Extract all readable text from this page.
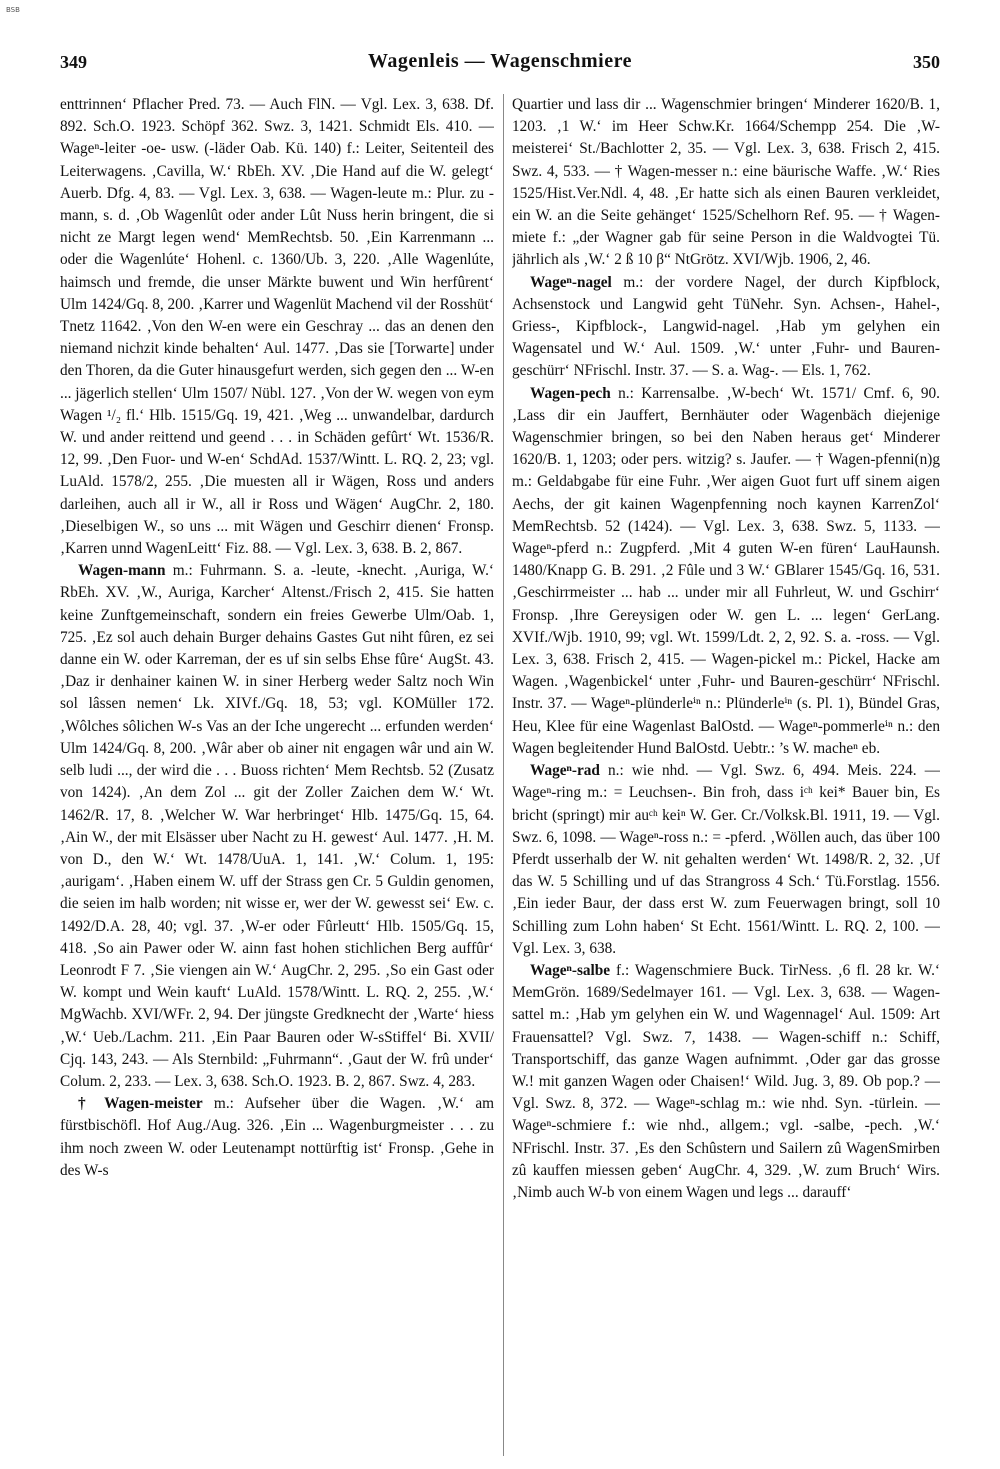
BSB
349	Wagenleis — Wagenschmiere	350

enttrinnen‘ Pflacher Pred. 73. — Auch FlN. — Vgl. Lex. 3, 638. Df. 892. Sch.O. 1923. Schöpf 362. Swz. 3, 1421. Schmidt Els. 410. — Wageⁿ-leiter -oe- usw. (-läder Oab. Kü. 140) f.: Leiter, Seitenteil des Leiterwagens. ‚Cavilla, W.‘ RbEh. XV. ‚Die Hand auf die W. gelegt‘ Auerb. Dfg. 4, 83. — Vgl. Lex. 3, 638. — Wagen-leute m.: Plur. zu -mann, s. d. ‚Ob Wagenlût oder ander Lût Nuss herin bringent, die si nicht ze Margt legen wend‘ MemRechtsb. 50. ‚Ein Karrenmann ... oder die Wagenlúte‘ Hohenl. c. 1360/Ub. 3, 220. ‚Alle Wagenlúte, haimsch und fremde, die unser Märkte buwent und Win herfûrent‘ Ulm 1424/Gq. 8, 200. ‚Karrer und Wagenlüt Machend vil der Rosshüt‘ Tnetz 11642. ‚Von den W-en were ein Geschray ... das an denen den niemand nichzit kinde behalten‘ Aul. 1477. ‚Das sie [Torwarte] under den Thoren, da die Guter hinausgefurt werden, sich gegen den ... W-en ... jägerlich stellen‘ Ulm 1507/ Nübl. 127. ‚Von der W. wegen von eym Wagen ¹/₂ fl.‘ Hlb. 1515/Gq. 19, 421. ‚Weg ... unwandelbar, dardurch W. und ander reittend und geend . . . in Schäden gefûrt‘ Wt. 1536/R. 12, 99. ‚Den Fuor- und W-en‘ SchdAd. 1537/Wintt. L. RQ. 2, 23; vgl. LuAld. 1578/2, 255. ‚Die muesten all ir Wägen, Ross und anders darleihen, auch all ir W., all ir Ross und Wägen‘ AugChr. 2, 180. ‚Dieselbigen W., so uns ... mit Wägen und Geschirr dienen‘ Fronsp. ‚Karren unnd WagenLeitt‘ Fiz. 88. — Vgl. Lex. 3, 638. B. 2, 867.

Wagen-mann m.: Fuhrmann. S. a. -leute, -knecht. ‚Auriga, W.‘ RbEh. XV. ‚W., Auriga, Karcher‘ Altenst./Frisch 2, 415. Sie hatten keine Zunftgemeinschaft, sondern ein freies Gewerbe Ulm/Oab. 1, 725. ‚Ez sol auch dehain Burger dehains Gastes Gut niht fûren, ez sei danne ein W. oder Karreman, der es uf sin selbs Ehse fûre‘ AugSt. 43. ‚Daz ir denhainer kainen W. in siner Herberg weder Saltz noch Win sol lâssen nemen‘ Lk. XIVf./Gq. 18, 53; vgl. KOMüller 172. ‚Wôlches sôlichen W-s Vas an der Iche ungerecht ... erfunden werden‘ Ulm 1424/Gq. 8, 200. ‚Wâr aber ob ainer nit engagen wâr und ain W. selb ludi ..., der wird die . . . Buoss richten‘ Mem Rechtsb. 52 (Zusatz von 1424). ‚An dem Zol ... git der Zoller Zaichen dem W.‘ Wt. 1462/R. 17, 8. ‚Welcher W. War herbringet‘ Hlb. 1475/Gq. 15, 64. ‚Ain W., der mit Elsässer uber Nacht zu H. gewest‘ Aul. 1477. ‚H. M. von D., den W.‘ Wt. 1478/UuA. 1, 141. ‚W.‘ Colum. 1, 195: ‚aurigam‘. ‚Haben einem W. uff der Strass gen Cr. 5 Guldin genomen, die seien im halb worden; nit wisse er, wer der W. gewesst sei‘ Ew. c. 1492/D.A. 28, 40; vgl. 37. ‚W-er oder Fûrleutt‘ Hlb. 1505/Gq. 15, 418. ‚So ain Pawer oder W. ainn fast hohen stichlichen Berg auffûr‘ Leonrodt F 7. ‚Sie viengen ain W.‘ AugChr. 2, 295. ‚So ein Gast oder W. kompt und Wein kauft‘ LuAld. 1578/Wintt. L. RQ. 2, 255. ‚W.‘ MgWachb. XVI/WFr. 2, 94. Der jüngste Gredknecht der ‚Warte‘ hiess ‚W.‘ Ueb./Lachm. 211. ‚Ein Paar Bauren oder W-sStiffel‘ Bi. XVII/ Cjq. 143, 243. — Als Sternbild: „Fuhrmann“. ‚Gaut der W. frû under‘ Colum. 2, 233. — Lex. 3, 638. Sch.O. 1923. B. 2, 867. Swz. 4, 283.

† Wagen-meister m.: Aufseher über die Wagen. ‚W.‘ am fürstbischöfl. Hof Aug./Aug. 326. ‚Ein ... Wagenburgmeister . . . zu ihm noch zween W. oder Leutenampt nottürftig ist‘ Fronsp. ‚Gehe in des W-s

Quartier und lass dir ... Wagenschmier bringen‘ Minderer 1620/B. 1, 1203. ‚1 W.‘ im Heer Schw.Kr. 1664/Schempp 254. Die ‚W-meisterei‘ St./Bachlotter 2, 35. — Vgl. Lex. 3, 638. Frisch 2, 415. Swz. 4, 533. — † Wagen-messer n.: eine bäurische Waffe. ‚W.‘ Ries 1525/Hist.Ver.Ndl. 4, 48. ‚Er hatte sich als einen Bauren verkleidet, ein W. an die Seite gehänget‘ 1525/Schelhorn Ref. 95. — † Wagen-miete f.: „der Wagner gab für seine Person in die Waldvogtei Tü. jährlich als ‚W.‘ 2 ß 10 β“ NtGrötz. XVI/Wjb. 1906, 2, 46.

Wageⁿ-nagel m.: der vordere Nagel, der durch Kipfblock, Achsenstock und Langwid geht TüNehr. Syn. Achsen-, Hahel-, Griess-, Kipfblock-, Langwid-nagel. ‚Hab ym gelyhen ein Wagensatel und W.‘ Aul. 1509. ‚W.‘ unter ‚Fuhr- und Bauren-geschürr‘ NFrischl. Instr. 37. — S. a. Wag-. — Els. 1, 762.

Wagen-pech n.: Karrensalbe. ‚W-bech‘ Wt. 1571/ Cmf. 6, 90. ‚Lass dir ein Jauffert, Bernhäuter oder Wagenbäch diejenige Wagenschmier bringen, so bei den Naben heraus get‘ Minderer 1620/B. 1, 1203; oder pers. witzig? s. Jaufer. — † Wagen-pfenni(n)g m.: Geldabgabe für eine Fuhr. ‚Wer aigen Guot furt uff sinem aigen Aechs, der git kainen Wagenpfenning noch kaynen KarrenZol‘ MemRechtsb. 52 (1424). — Vgl. Lex. 3, 638. Swz. 5, 1133. — Wageⁿ-pferd n.: Zugpferd. ‚Mit 4 guten W-en füren‘ LauHaunsh. 1480/Knapp G. B. 291. ‚2 Fûle und 3 W.‘ GBlarer 1545/Gq. 16, 531. ‚Geschirrmeister ... hab ... under mir all Fuhrleut, W. und Gschirr‘ Fronsp. ‚Ihre Gereysigen oder W. gen L. ... legen‘ GerLang. XVIf./Wjb. 1910, 99; vgl. Wt. 1599/Ldt. 2, 2, 92. S. a. -ross. — Vgl. Lex. 3, 638. Frisch 2, 415. — Wagen-pickel m.: Pickel, Hacke am Wagen. ‚Wagenbickel‘ unter ‚Fuhr- und Bauren-geschürr‘ NFrischl. Instr. 37. — Wageⁿ-plünderleⁱⁿ n.: Plünderleⁱⁿ (s. Pl. 1), Bündel Gras, Heu, Klee für eine Wagenlast BalOstd. — Wageⁿ-pommerleⁱⁿ n.: den Wagen begleitender Hund BalOstd. Uebtr.: ’s W. macheⁿ eb.

Wageⁿ-rad n.: wie nhd. — Vgl. Swz. 6, 494. Meis. 224. — Wageⁿ-ring m.: = Leuchsen-. Bin froh, dass iᶜʰ kei* Bauer bin, Es bricht (springt) mir auᶜʰ keiⁿ W. Ger. Cr./Volksk.Bl. 1911, 19. — Vgl. Swz. 6, 1098. — Wageⁿ-ross n.: = -pferd. ‚Wöllen auch, das über 100 Pferdt usserhalb der W. nit gehalten werden‘ Wt. 1498/R. 2, 32. ‚Uf das W. 5 Schilling und uf das Strangross 4 Sch.‘ Tü.Forstlag. 1556. ‚Ein ieder Baur, der dass erst W. zum Feuerwagen bringt, soll 10 Schilling zum Lohn haben‘ St Echt. 1561/Wintt. L. RQ. 2, 100. — Vgl. Lex. 3, 638.

Wageⁿ-salbe f.: Wagenschmiere Buck. TirNess. ‚6 fl. 28 kr. W.‘ MemGrön. 1689/Sedelmayer 161. — Vgl. Lex. 3, 638. — Wagen-sattel m.: ‚Hab ym gelyhen ein W. und Wagennagel‘ Aul. 1509: Art Frauensattel? Vgl. Swz. 7, 1438. — Wagen-schiff n.: Schiff, Transportschiff, das ganze Wagen aufnimmt. ‚Oder gar das grosse W.! mit ganzen Wagen oder Chaisen!‘ Wild. Jug. 3, 89. Ob pop.? — Vgl. Swz. 8, 372. — Wageⁿ-schlag m.: wie nhd. Syn. -türlein. — Wageⁿ-schmiere f.: wie nhd., allgem.; vgl. -salbe, -pech. ‚W.‘ NFrischl. Instr. 37. ‚Es den Schûstern und Sailern zû WagenSmirben zû kauffen miessen geben‘ AugChr. 4, 329. ‚W. zum Bruch‘ Wirs. ‚Nimb auch W-b von einem Wagen und legs ... darauff‘
